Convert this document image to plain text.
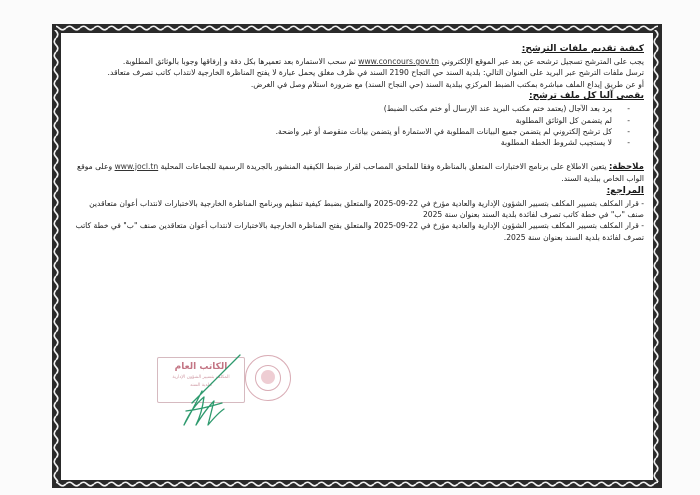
كيفية تقديم ملفات الترشح:

يجب على المترشح تسجيل ترشحه عن بعد عبر الموقع الإلكتروني www.concours.gov.tn ثم سحب الاستمارة بعد تعميرها بكل دقة و إرفاقها وجوبا بالوثائق المطلوبة.

ترسل ملفات الترشح عبر البريد على العنوان التالي: بلدية السند حي التجاح 2190 السند في ظرف مغلق يحمل عبارة لا يفتح المناظرة الخارجية لانتداب كاتب تصرف متعاقد.

أو عن طريق إيداع الملف مباشرة بمكتب الضبط المركزي ببلدية السند (حي النجاح السند) مع ضرورة استلام وصل في الغرض.

يقصى آليا كل ملف ترشح:
- يرد بعد الآجال (يعتمد ختم مكتب البريد عند الإرسال أو ختم مكتب الضبط)
- لم يتضمن كل الوثائق المطلوبة
- كل ترشح إلكتروني لم يتضمن جميع البيانات المطلوبة في الاستمارة أو يتضمن بيانات منقوصة أو غير واضحة.
- لا يستجيب لشروط الخطة المطلوبة

ملاحظة: يتعين الاطلاع على برنامج الاختبارات المتعلق بالمناظرة وفقا للملحق المصاحب لقرار ضبط الكيفية المنشور بالجريدة الرسمية للجماعات المحلية www.jocl.tn وعلى موقع الواب الخاص ببلدية السند.

المراجع:

- قرار المكلف بتسيير المكلف بتسيير الشؤون الإدارية والعادية مؤرخ في 22-09-2025 والمتعلق بضبط كيفية تنظيم وبرنامج المناظرة الخارجية بالاختبارات لانتداب أعوان متعاقدين صنف "ب" في خطة كاتب تصرف لفائدة بلدية السند بعنوان سنة 2025

- قرار المكلف بتسيير المكلف بتسيير الشؤون الإدارية والعادية مؤرخ في 22-09-2025 والمتعلق بفتح المناظرة الخارجية بالاختبارات لانتداب أعوان متعاقدين صنف "ب" في خطة كاتب تصرف لفائدة بلدية السند بعنوان سنة 2025.

الكاتب العام
المكلف بتسيير الشؤون الإدارية
لبلدية السند
